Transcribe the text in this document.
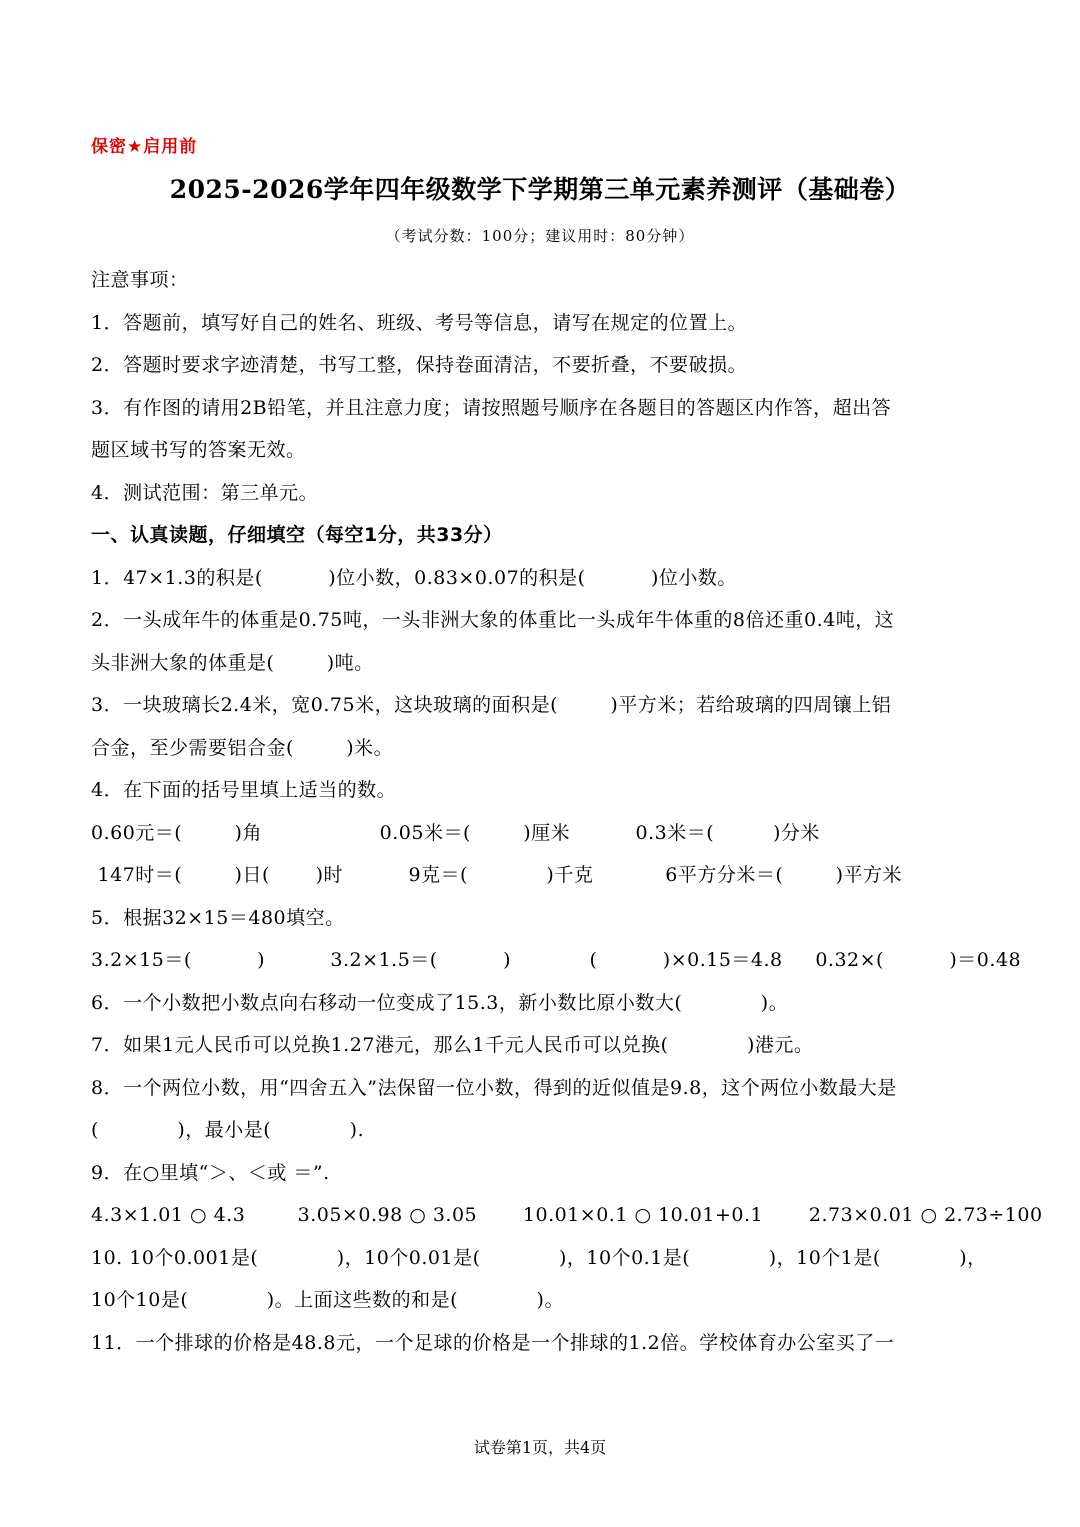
保密★启用前
2025-2026学年四年级数学下学期第三单元素养测评（基础卷）
（考试分数：100分；建议用时：80分钟）
注意事项：
1．答题前，填写好自己的姓名、班级、考号等信息，请写在规定的位置上。
2．答题时要求字迹清楚，书写工整，保持卷面清洁，不要折叠，不要破损。
3．有作图的请用2B铅笔，并且注意力度；请按照题号顺序在各题目的答题区内作答，超出答
题区域书写的答案无效。
4．测试范围：第三单元。
一、认真读题，仔细填空（每空1分，共33分）
1．47×1.3的积是(          )位小数，0.83×0.07的积是(          )位小数。
2．一头成年牛的体重是0.75吨，一头非洲大象的体重比一头成年牛体重的8倍还重0.4吨，这
头非洲大象的体重是(        )吨。
3．一块玻璃长2.4米，宽0.75米，这块玻璃的面积是(        )平方米；若给玻璃的四周镶上铝
合金，至少需要铝合金(        )米。
4．在下面的括号里填上适当的数。
0.60元＝(        )角                  0.05米＝(        )厘米          0.3米＝(         )分米
147时＝(        )日(       )时          9克＝(            )千克           6平方分米＝(        )平方米
5．根据32×15＝480填空。
3.2×15＝(          )          3.2×1.5＝(          )            (          )×0.15＝4.8     0.32×(          )＝0.48
6．一个小数把小数点向右移动一位变成了15.3，新小数比原小数大(            )。
7．如果1元人民币可以兑换1.27港元，那么1千元人民币可以兑换(            )港元。
8．一个两位小数，用“四舍五入”法保留一位小数，得到的近似值是9.8，这个两位小数最大是
(            )，最小是(            ).
9．在○里填“＞、＜或 ＝”.
4.3×1.01 ○ 4.3        3.05×0.98 ○ 3.05       10.01×0.1 ○ 10.01+0.1       2.73×0.01 ○ 2.73÷100
10. 10个0.001是(            )，10个0.01是(            )，10个0.1是(            )，10个1是(            )，
10个10是(            )。上面这些数的和是(            )。
11．一个排球的价格是48.8元，一个足球的价格是一个排球的1.2倍。学校体育办公室买了一
试卷第1页，共4页
